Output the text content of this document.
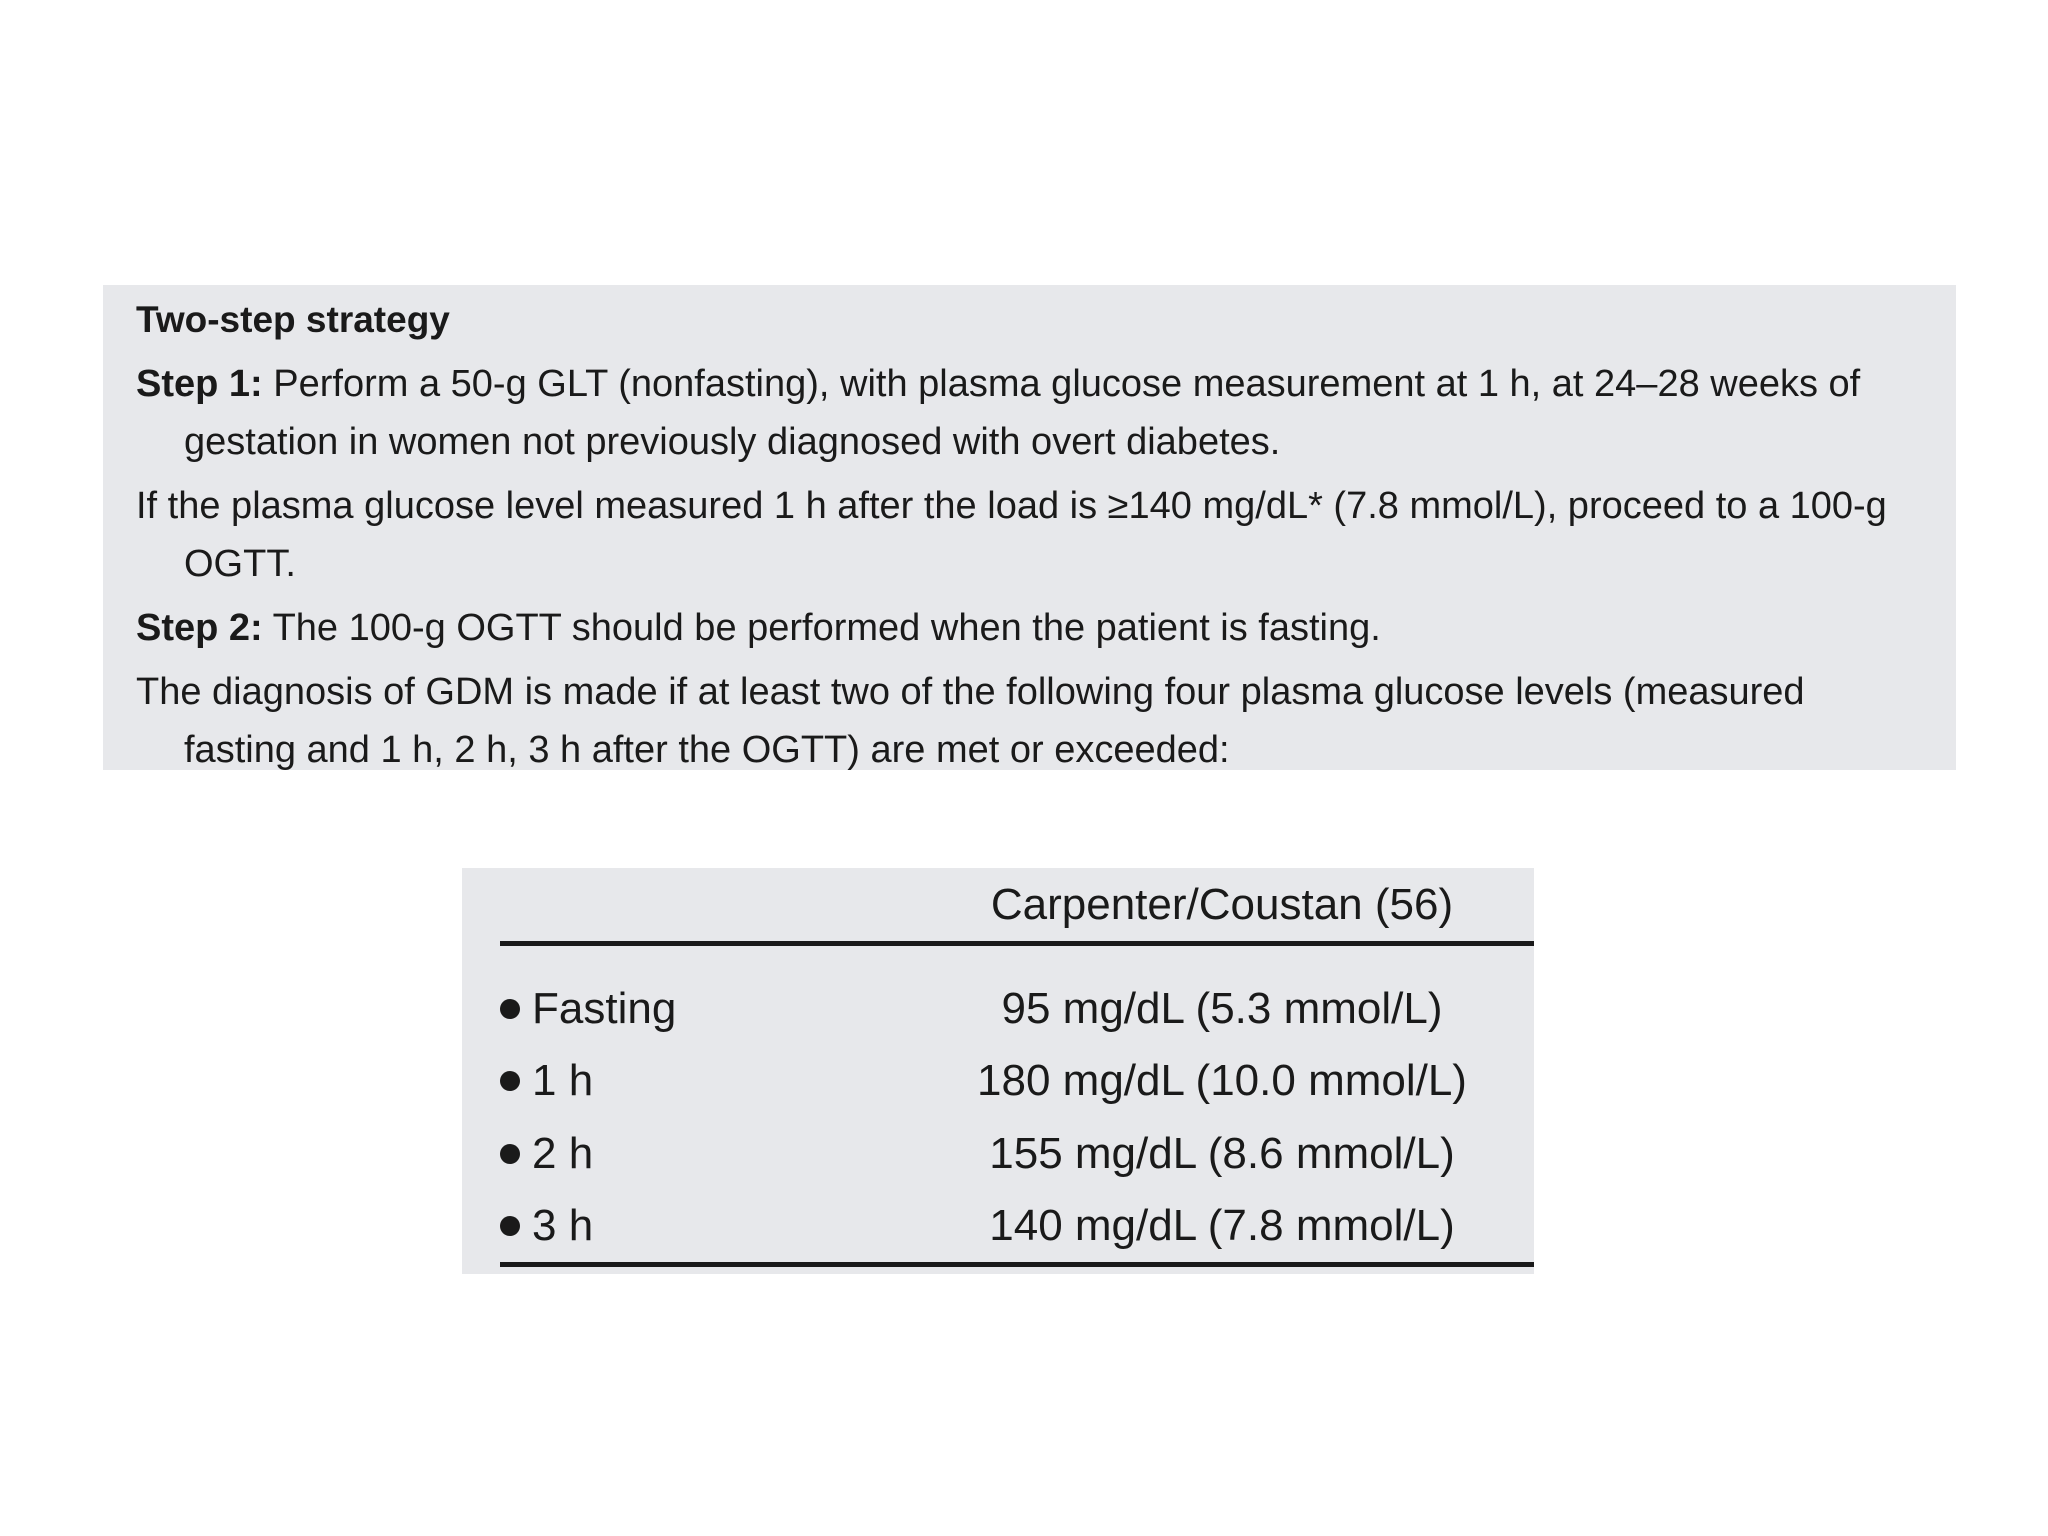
Two-step strategy

Step 1: Perform a 50-g GLT (nonfasting), with plasma glucose measurement at 1 h, at 24–28 weeks of gestation in women not previously diagnosed with overt diabetes.

If the plasma glucose level measured 1 h after the load is ≥140 mg/dL* (7.8 mmol/L), proceed to a 100-g OGTT.

Step 2: The 100-g OGTT should be performed when the patient is fasting.

The diagnosis of GDM is made if at least two of the following four plasma glucose levels (measured fasting and 1 h, 2 h, 3 h after the OGTT) are met or exceeded:

Carpenter/Coustan (56)
Fasting	95 mg/dL (5.3 mmol/L)
1 h	180 mg/dL (10.0 mmol/L)
2 h	155 mg/dL (8.6 mmol/L)
3 h	140 mg/dL (7.8 mmol/L)
